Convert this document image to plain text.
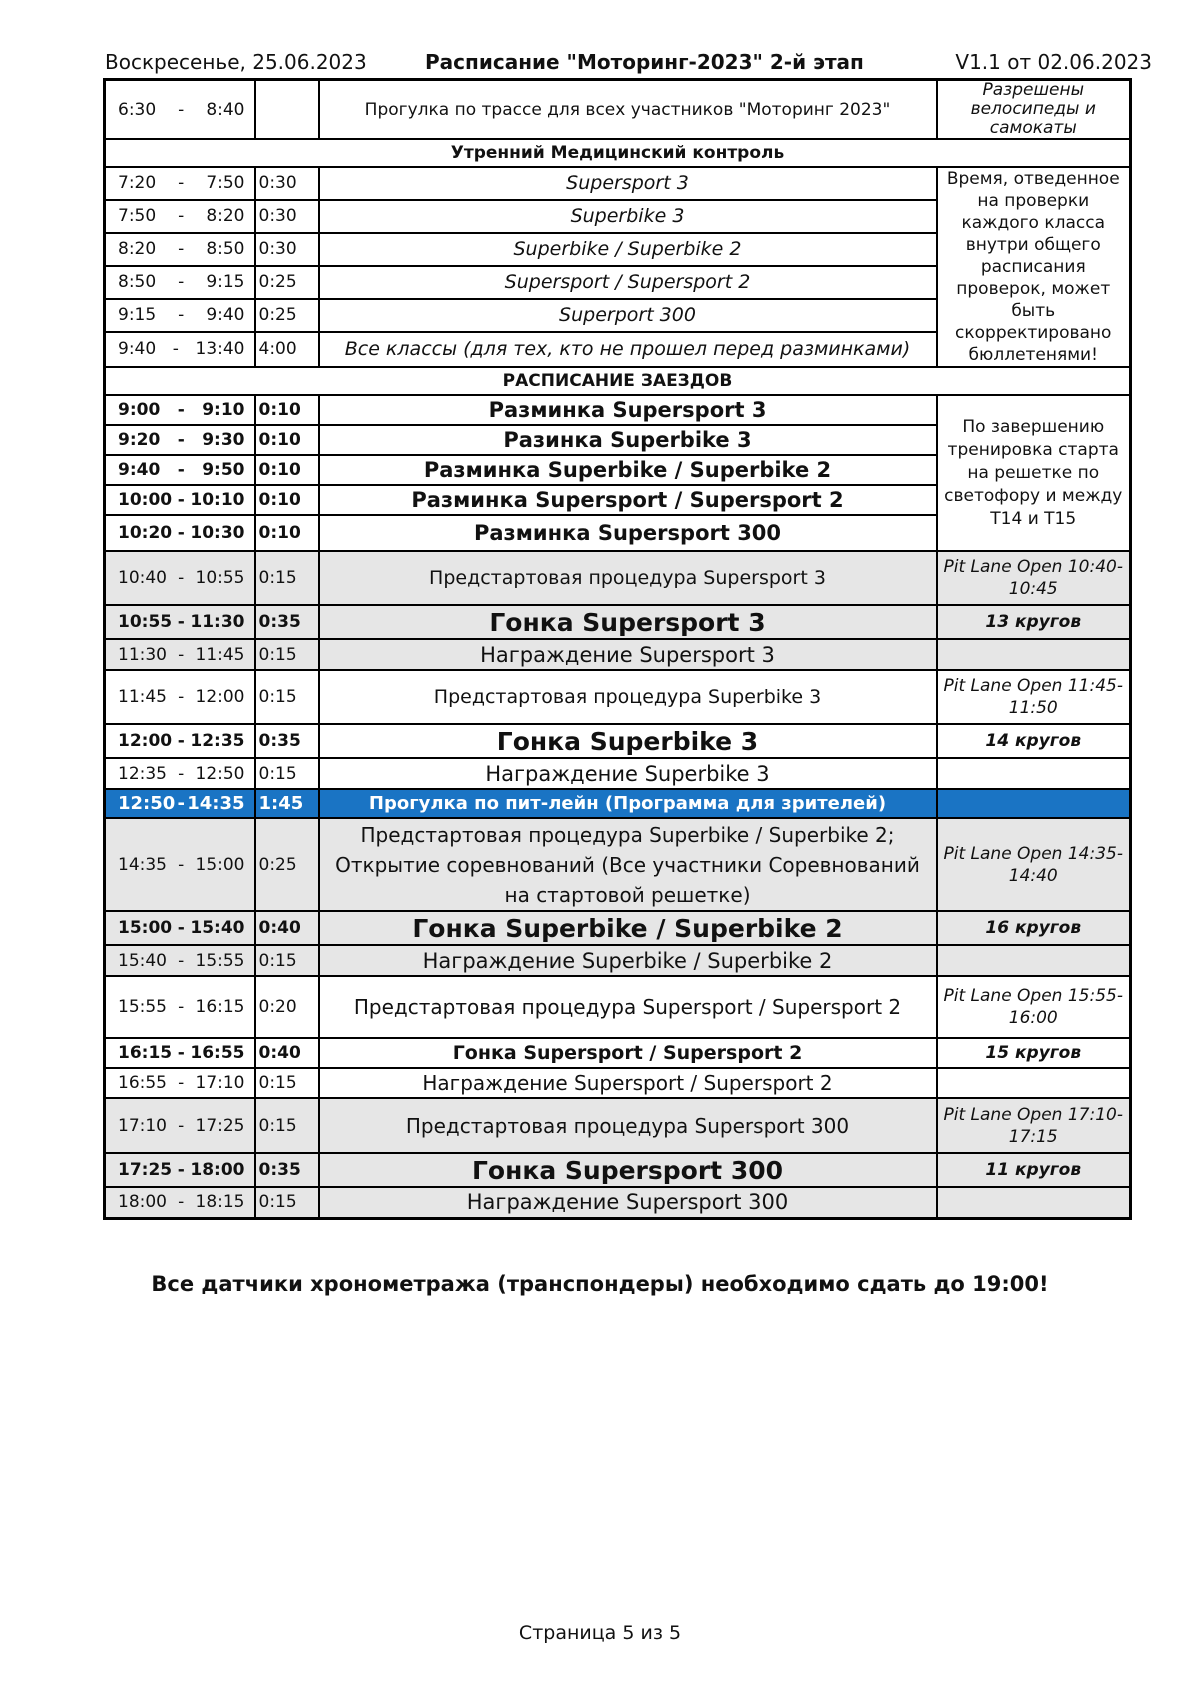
Воскресенье, 25.06.2023	Расписание "Моторинг-2023" 2-й этап	V1.1 от 02.06.2023
6:30 - 8:40		Прогулка по трассе для всех участников "Моторинг 2023"	Разрешены велосипеды и самокаты
Утренний Медицинский контроль			

7:20 - 7:50	0:30	Supersport 3	Время, отведенное на проверки каждого класса внутри общего расписания проверок, может быть скорректировано бюллетенями!

7:50 - 8:20	0:30	Superbike 3	

8:20 - 8:50	0:30	Superbike / Superbike 2	

8:50 - 9:15	0:25	Supersport / Supersport 2	

9:15 - 9:40	0:25	Superport 300	

9:40 - 13:40	4:00	Все классы (для тех, кто не прошел перед разминками)	
РАСПИСАНИЕ ЗАЕЗДОВ			

9:00 - 9:10	0:10	Разминка Supersport 3	По завершению тренировка старта на решетке по светофору и между Т14 и Т15

9:20 - 9:30	0:10	Разинка Superbike 3	

9:40 - 9:50	0:10	Разминка Superbike / Superbike 2	

10:00 - 10:10	0:10	Разминка Supersport / Supersport 2	

10:20 - 10:30	0:10	Разминка Supersport 300	

10:40 - 10:55	0:15	Предстартовая процедура Supersport 3	Pit Lane Open 10:40-10:45

10:55 - 11:30	0:35	Гонка Supersport 3	13 кругов

11:30 - 11:45	0:15	Награждение Supersport 3	

11:45 - 12:00	0:15	Предстартовая процедура Superbike 3	Pit Lane Open 11:45-11:50

12:00 - 12:35	0:35	Гонка Superbike 3	14 кругов

12:35 - 12:50	0:15	Награждение Superbike 3	

12:50 - 14:35	1:45	Прогулка по пит-лейн (Программа для зрителей)	

14:35 - 15:00	0:25	Предстартовая процедура Superbike / Superbike 2; Открытие соревнований (Все участники Соревнований на стартовой решетке)	Pit Lane Open 14:35-14:40

15:00 - 15:40	0:40	Гонка Superbike / Superbike 2	16 кругов

15:40 - 15:55	0:15	Награждение Superbike / Superbike 2	

15:55 - 16:15	0:20	Предстартовая процедура Supersport / Supersport 2	Pit Lane Open 15:55-16:00

16:15 - 16:55	0:40	Гонка Supersport / Supersport 2	15 кругов

16:55 - 17:10	0:15	Награждение Supersport / Supersport 2	

17:10 - 17:25	0:15	Предстартовая процедура Supersport 300	Pit Lane Open 17:10-17:15

17:25 - 18:00	0:35	Гонка Supersport 300	11 кругов

18:00 - 18:15	0:15	Награждение Supersport 300	
Все датчики хронометража (транспондеры) необходимо сдать до 19:00!
Страница 5 из 5
